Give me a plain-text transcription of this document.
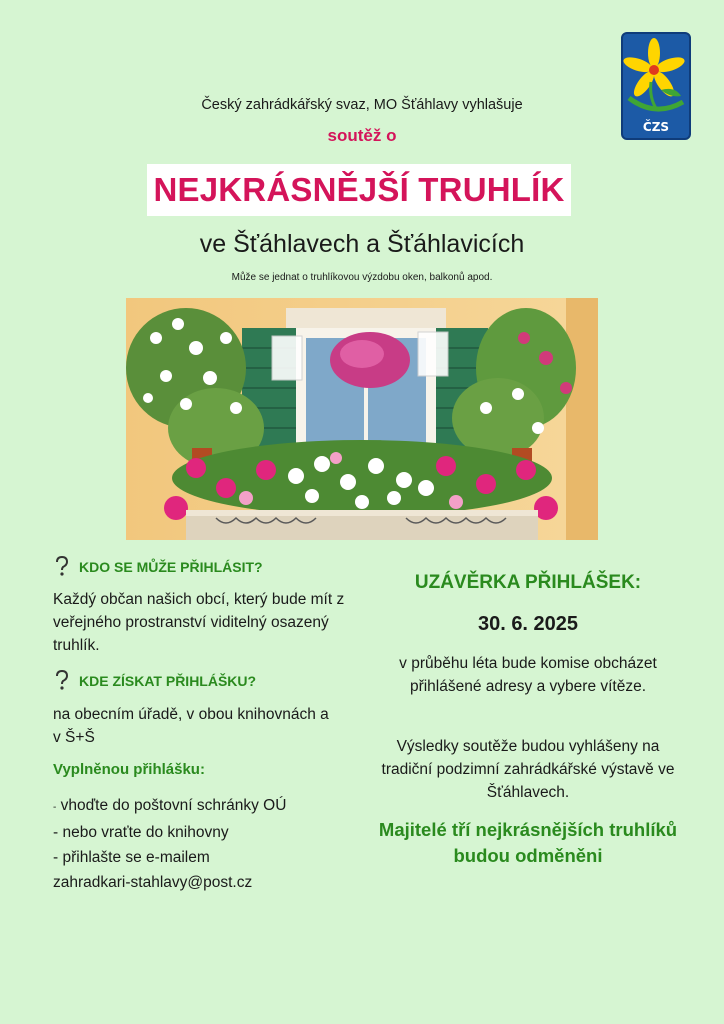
ČZS
Český zahrádkářský svaz, MO Šťáhlavy vyhlašuje
soutěž o
NEJKRÁSNĚJŠÍ TRUHLÍK
ve Šťáhlavech a Šťáhlavicích
Může se jednat o truhlíkovou výzdobu oken, balkonů apod.
KDO SE MŮŽE PŘIHLÁSIT?
Každý občan našich obcí, který bude mít z veřejného prostranství viditelný osazený truhlík.
KDE ZÍSKAT PŘIHLÁŠKU?
na obecním úřadě, v obou knihovnách a v Š+Š
Vyplněnou přihlášku:
- vhoďte do poštovní schránky OÚ
- nebo vraťte do knihovny
- přihlašte se e-mailem
zahradkari-stahlavy@post.cz
UZÁVĚRKA PŘIHLÁŠEK:
30. 6. 2025
v průběhu léta bude komise obcházet přihlášené adresy a vybere vítěze.
Výsledky soutěže budou vyhlášeny na tradiční podzimní zahrádkářské výstavě ve Šťáhlavech.
Majitelé tří nejkrásnějších truhlíků budou odměněni
